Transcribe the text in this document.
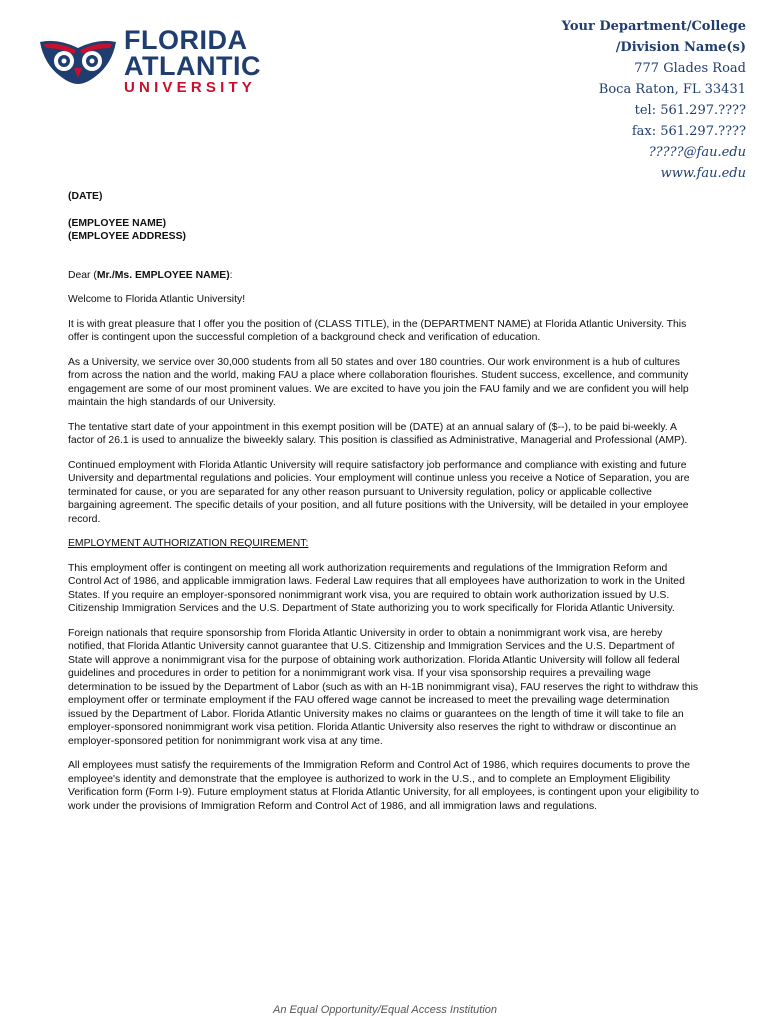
FLORIDA
ATLANTIC
UNIVERSITY
Your Department/College
/Division Name(s)
777 Glades Road
Boca Raton, FL 33431
tel: 561.297.????
fax: 561.297.????
?????@fau.edu
www.fau.edu

(DATE)

(EMPLOYEE NAME)

(EMPLOYEE ADDRESS)

Dear (Mr./Ms. EMPLOYEE NAME):

Welcome to Florida Atlantic University!

It is with great pleasure that I offer you the position of (CLASS TITLE), in the (DEPARTMENT NAME) at Florida Atlantic University. This offer is contingent upon the successful completion of a background check and verification of education.

As a University, we service over 30,000 students from all 50 states and over 180 countries. Our work environment is a hub of cultures from across the nation and the world, making FAU a place where collaboration flourishes. Student success, excellence, and community engagement are some of our most prominent values. We are excited to have you join the FAU family and we are confident you will help maintain the high standards of our University.

The tentative start date of your appointment in this exempt position will be (DATE) at an annual salary of ($--), to be paid bi-weekly. A factor of 26.1 is used to annualize the biweekly salary. This position is classified as Administrative, Managerial and Professional (AMP).

Continued employment with Florida Atlantic University will require satisfactory job performance and compliance with existing and future University and departmental regulations and policies. Your employment will continue unless you receive a Notice of Separation, you are terminated for cause, or you are separated for any other reason pursuant to University regulation, policy or applicable collective bargaining agreement. The specific details of your position, and all future positions with the University, will be detailed in your employee record.

EMPLOYMENT AUTHORIZATION REQUIREMENT:

This employment offer is contingent on meeting all work authorization requirements and regulations of the Immigration Reform and Control Act of 1986, and applicable immigration laws. Federal Law requires that all employees have authorization to work in the United States. If you require an employer-sponsored nonimmigrant work visa, you are required to obtain work authorization issued by U.S. Citizenship Immigration Services and the U.S. Department of State authorizing you to work specifically for Florida Atlantic University.

Foreign nationals that require sponsorship from Florida Atlantic University in order to obtain a nonimmigrant work visa, are hereby notified, that Florida Atlantic University cannot guarantee that U.S. Citizenship and Immigration Services and the U.S. Department of State will approve a nonimmigrant visa for the purpose of obtaining work authorization. Florida Atlantic University will follow all federal guidelines and procedures in order to petition for a nonimmigrant work visa. If your visa sponsorship requires a prevailing wage determination to be issued by the Department of Labor (such as with an H-1B nonimmigrant visa), FAU reserves the right to withdraw this employment offer or terminate employment if the FAU offered wage cannot be increased to meet the prevailing wage determination issued by the Department of Labor. Florida Atlantic University makes no claims or guarantees on the length of time it will take to file an employer-sponsored nonimmigrant work visa petition. Florida Atlantic University also reserves the right to withdraw or discontinue an employer-sponsored petition for nonimmigrant work visa at any time.

All employees must satisfy the requirements of the Immigration Reform and Control Act of 1986, which requires documents to prove the employee's identity and demonstrate that the employee is authorized to work in the U.S., and to complete an Employment Eligibility Verification form (Form I-9). Future employment status at Florida Atlantic University, for all employees, is contingent upon your eligibility to work under the provisions of Immigration Reform and Control Act of 1986, and all immigration laws and regulations.

An Equal Opportunity/Equal Access Institution
